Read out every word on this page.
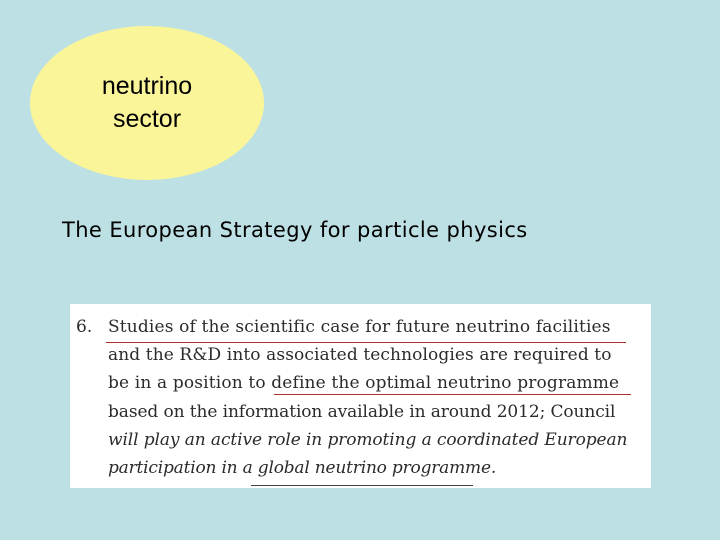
neutrino
sector
The European Strategy for particle physics
6. Studies of the scientific case for future neutrino facilities
and the R&D into associated technologies are required to
be in a position to define the optimal neutrino programme
based on the information available in around 2012; Council
will play an active role in promoting a coordinated European
participation in a global neutrino programme.
